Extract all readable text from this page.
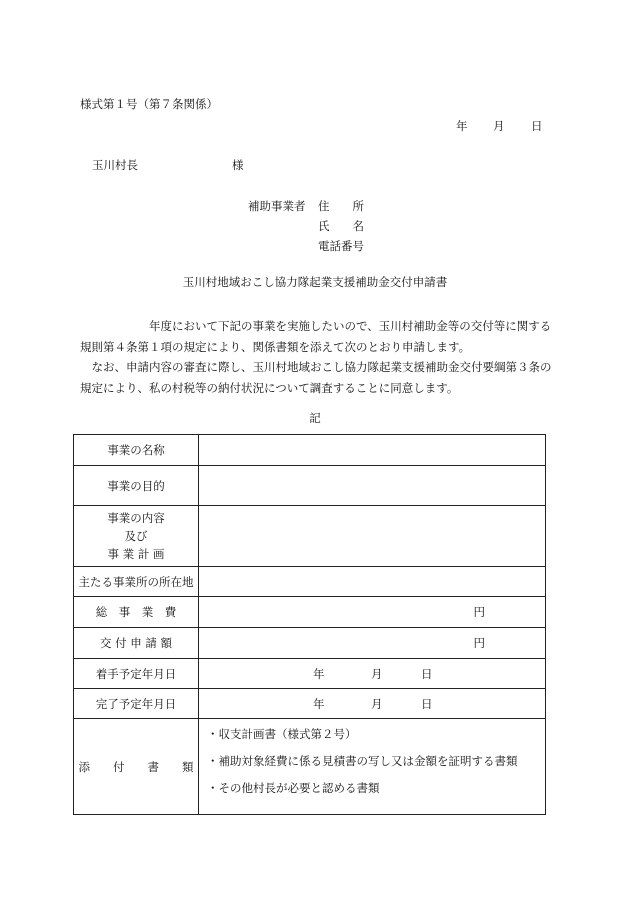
様式第１号（第７条関係）
年 月 日
玉川村長	様
補助事業者 住　　所
氏　　名
電話番号
玉川村地域おこし協力隊起業支援補助金交付申請書

　　　　　　年度において下記の事業を実施したいので、玉川村補助金等の交付等に関する規則第４条第１項の規定により、関係書類を添えて次のとおり申請します。

　なお、申請内容の審査に際し、玉川村地域おこし協力隊起業支援補助金交付要綱第３条の規定により、私の村税等の納付状況について調査することに同意します。

記
事業の名称	
事業の目的	

事業の内容
及び
事 業 計 画	

主たる事業所の所在地	
総　事　業　費	円

交 付 申 請 額	円

着手予定年月日	年 月 日

完了予定年月日	年 月 日

添　　付　　書　　類	・収支計画書（様式第２号）
・補助対象経費に係る見積書の写し又は金額を証明する書類
・その他村長が必要と認める書類
